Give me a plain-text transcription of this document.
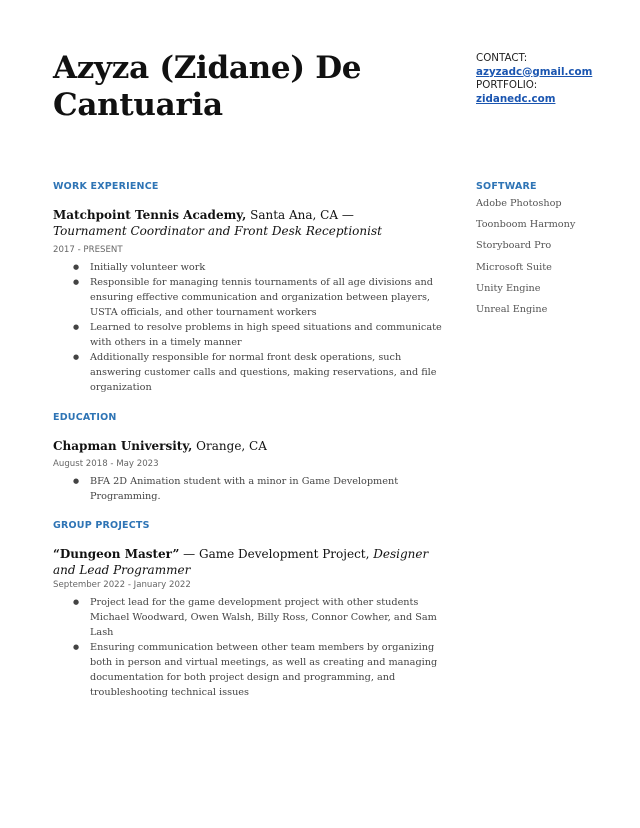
Azyza (Zidane) De Cantuaria
CONTACT:
azyzadc@gmail.com
PORTFOLIO:
zidanedc.com
WORK EXPERIENCE
Matchpoint Tennis Academy, Santa Ana, CA — Tournament Coordinator and Front Desk Receptionist
2017 - PRESENT
● Initially volunteer work
● Responsible for managing tennis tournaments of all age divisions and ensuring effective communication and organization between players, USTA officials, and other tournament workers
● Learned to resolve problems in high speed situations and communicate with others in a timely manner
● Additionally responsible for normal front desk operations, such answering customer calls and questions, making reservations, and file organization
EDUCATION
Chapman University, Orange, CA
August 2018 - May 2023
● BFA 2D Animation student with a minor in Game Development Programming.
GROUP PROJECTS
“Dungeon Master” — Game Development Project, Designer and Lead Programmer
September 2022 - January 2022
● Project lead for the game development project with other students Michael Woodward, Owen Walsh, Billy Ross, Connor Cowher, and Sam Lash
● Ensuring communication between other team members by organizing both in person and virtual meetings, as well as creating and managing documentation for both project design and programming, and troubleshooting technical issues
SOFTWARE
Adobe Photoshop
Toonboom Harmony
Storyboard Pro
Microsoft Suite
Unity Engine
Unreal Engine
